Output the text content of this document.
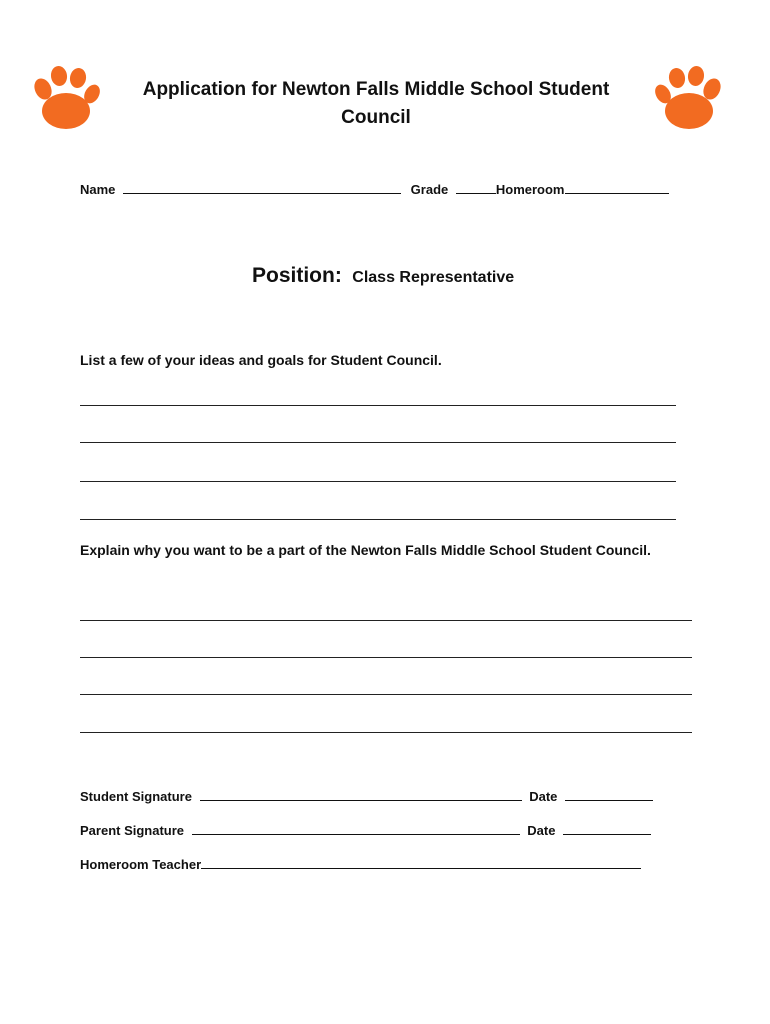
Application for Newton Falls Middle School Student
Council
Name	Grade	Homeroom
Position: Class Representative
List a few of your ideas and goals for Student Council.
Explain why you want to be a part of the Newton Falls Middle School Student Council.
Student Signature	Date
Parent Signature	Date
Homeroom Teacher
